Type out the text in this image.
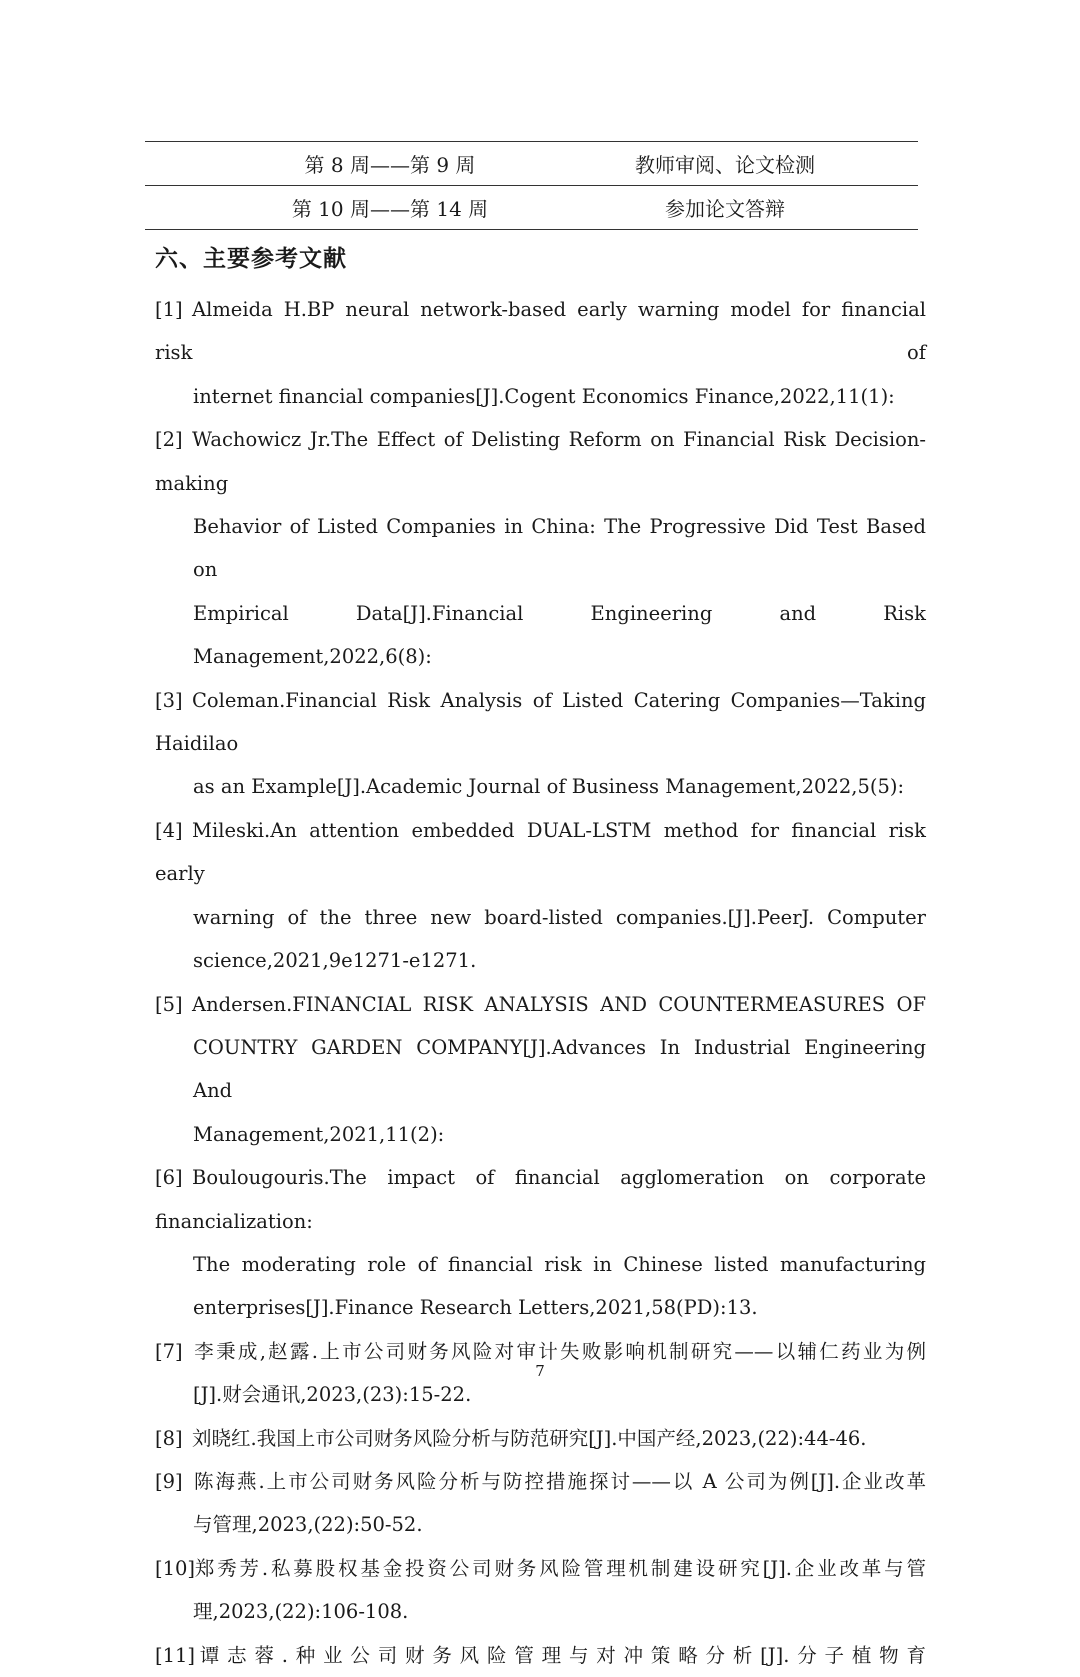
第 8 周——第 9 周	教师审阅、论文检测
第 10 周——第 14 周	参加论文答辩
六、主要参考文献
[1] Almeida H.BP neural network-based early warning model for financial risk of
internet financial companies[J].Cogent Economics Finance,2022,11(1):
[2] Wachowicz Jr.The Effect of Delisting Reform on Financial Risk Decision-making
Behavior of Listed Companies in China: The Progressive Did Test Based on
Empirical Data[J].Financial Engineering and Risk Management,2022,6(8):
[3] Coleman.Financial Risk Analysis of Listed Catering Companies—Taking Haidilao
as an Example[J].Academic Journal of Business Management,2022,5(5):
[4] Mileski.An attention embedded DUAL-LSTM method for financial risk early
warning of the three new board-listed companies.[J].PeerJ. Computer
science,2021,9e1271-e1271.
[5] Andersen.FINANCIAL RISK ANALYSIS AND COUNTERMEASURES OF
COUNTRY GARDEN COMPANY[J].Advances In Industrial Engineering And
Management,2021,11(2):
[6] Boulougouris.The impact of financial agglomeration on corporate financialization:
The moderating role of financial risk in Chinese listed manufacturing
enterprises[J].Finance Research Letters,2021,58(PD):13.
[7] 李秉成,赵露.上市公司财务风险对审计失败影响机制研究——以辅仁药业为例
[J].财会通讯,2023,(23):15-22.
[8] 刘晓红.我国上市公司财务风险分析与防范研究[J].中国产经,2023,(22):44-46.
[9] 陈海燕.上市公司财务风险分析与防控措施探讨——以 A 公司为例[J].企业改革
与管理,2023,(22):50-52.
[10]郑秀芳.私募股权基金投资公司财务风险管理机制建设研究[J].企业改革与管
理,2023,(22):106-108.
[11]谭志蓉.种业公司财务风险管理与对冲策略分析[J].分子植物育
7
